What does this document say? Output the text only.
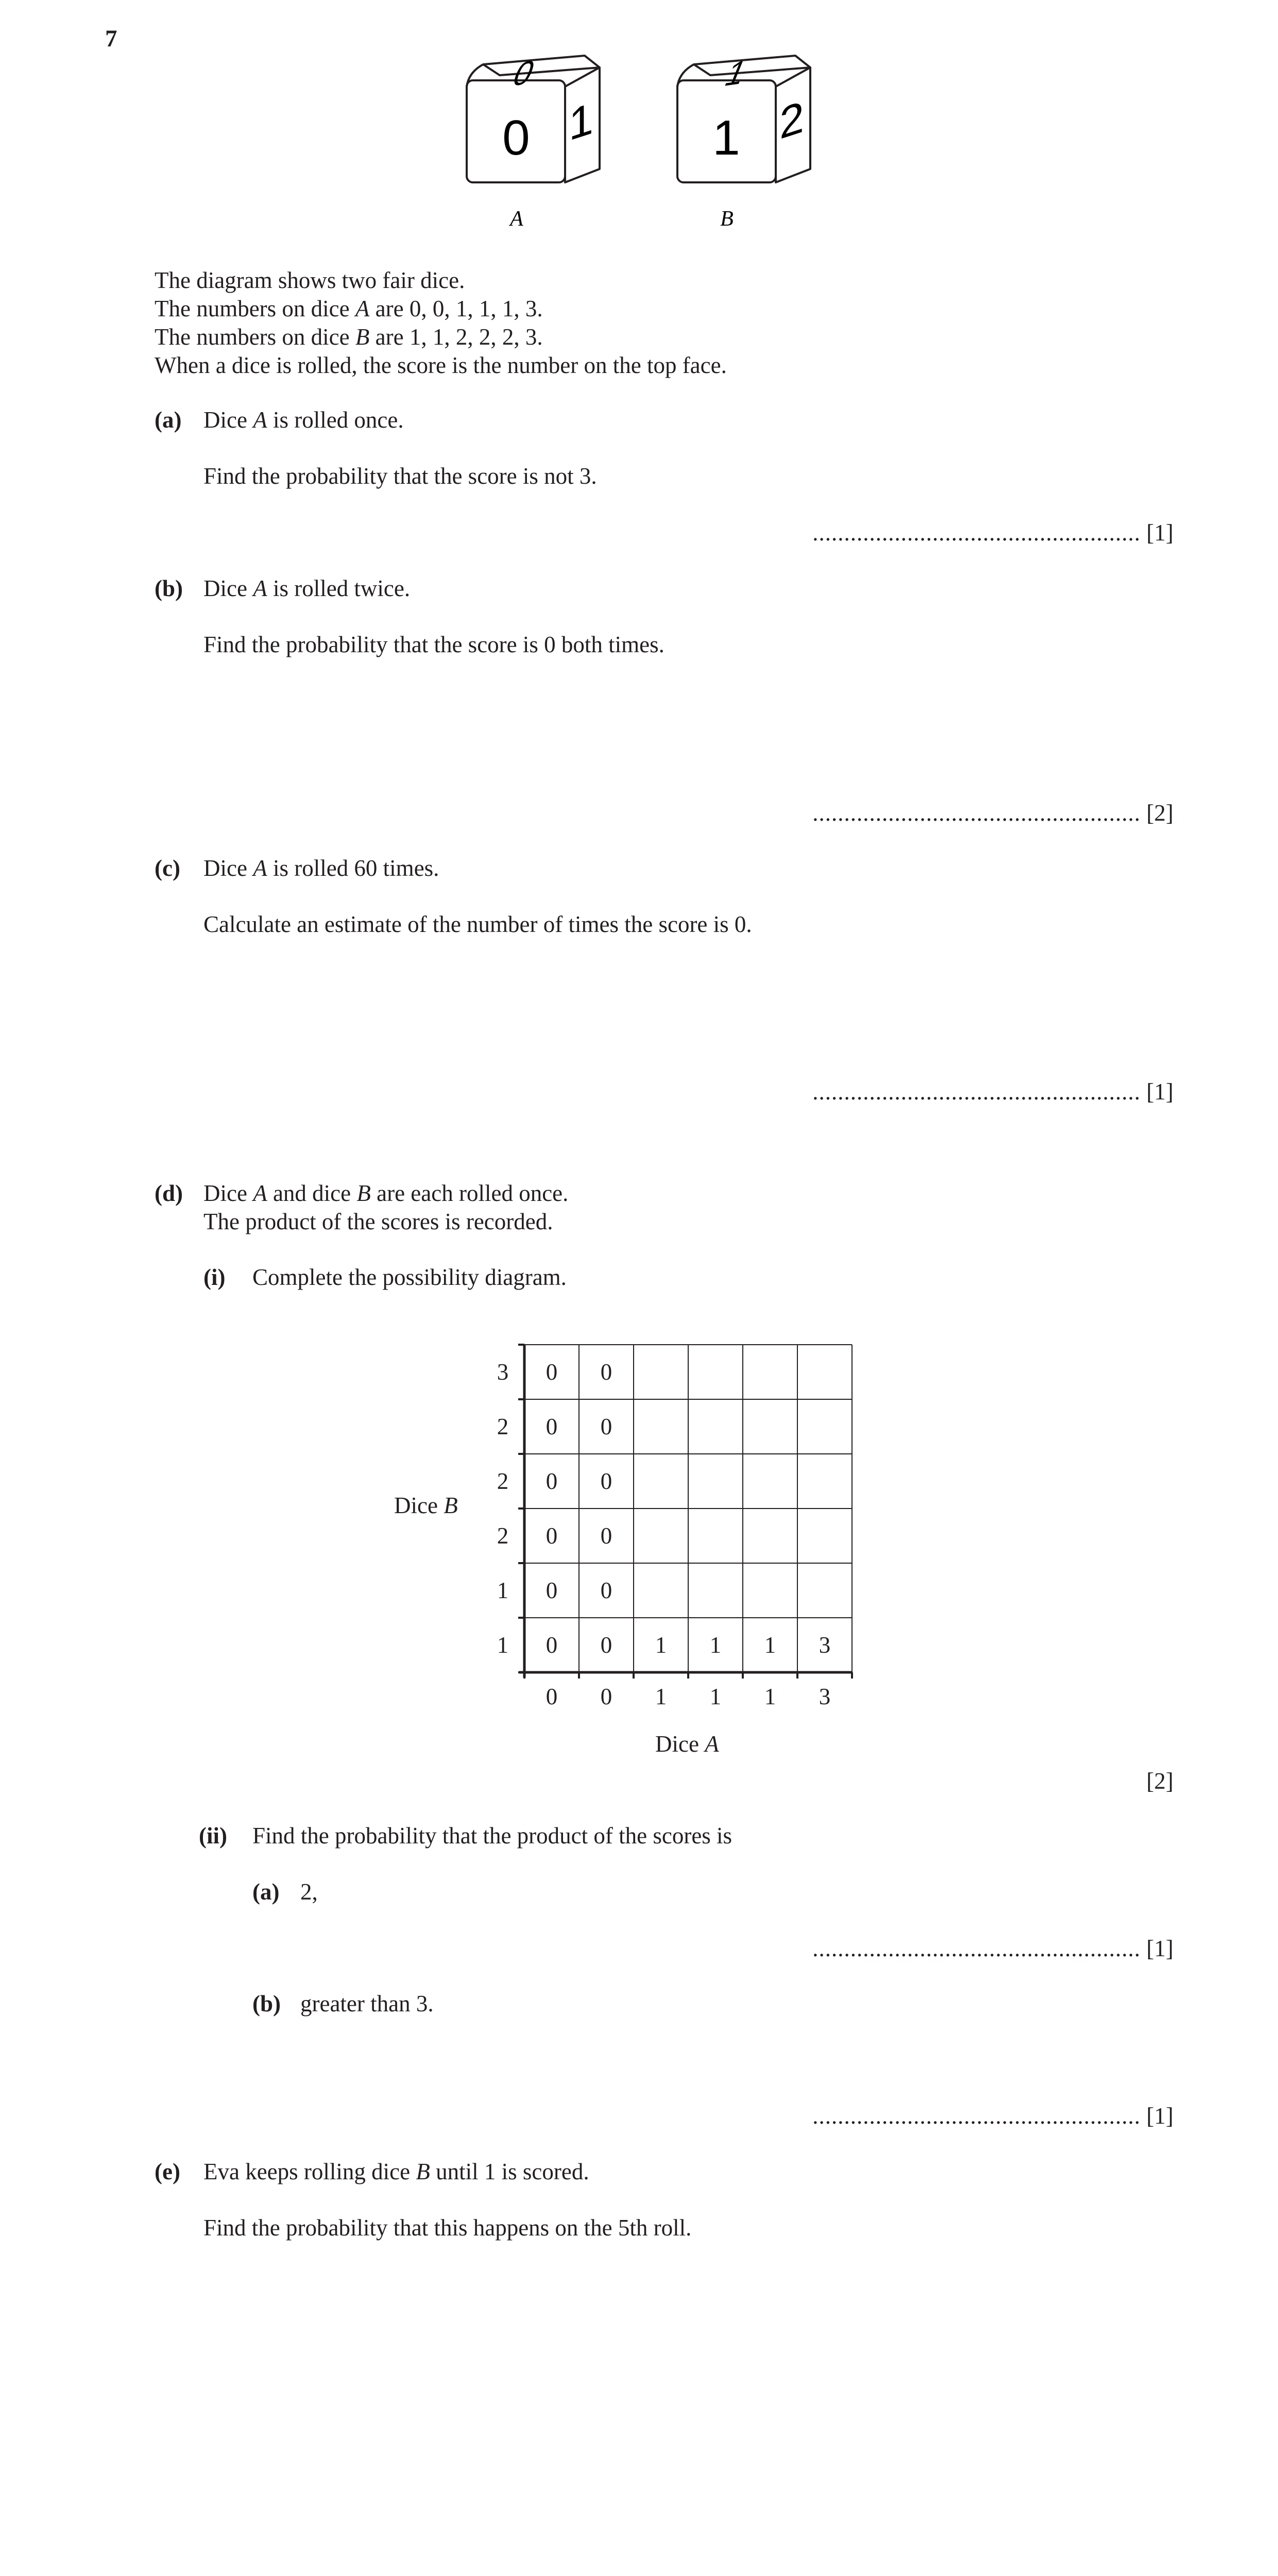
7
0 1
0
1 2
1
A	B
The diagram shows two fair dice.
The numbers on dice A are 0, 0, 1, 1, 1, 3.
The numbers on dice B are 1, 1, 2, 2, 2, 3.
When a dice is rolled, the score is the number on the top face.
(a) Dice A is rolled once.
Find the probability that the score is not 3.
.................................................... [1]
(b) Dice A is rolled twice.
Find the probability that the score is 0 both times.
.................................................... [2]
(c) Dice A is rolled 60 times.
Calculate an estimate of the number of times the score is 0.
.................................................... [1]
(d) Dice A and dice B are each rolled once.
The product of the scores is recorded.
(i) Complete the possibility diagram.
0 0 1 1 1 3
3
2
2
2
1
1
0 0
0 0
0 0
0 0
0 0
0 0 1 1 1 3
Dice B
Dice A
[2]
(ii) Find the probability that the product of the scores is
(a) 2,
.................................................... [1]
(b) greater than 3.
.................................................... [1]
(e) Eva keeps rolling dice B until 1 is scored.
Find the probability that this happens on the 5th roll.
